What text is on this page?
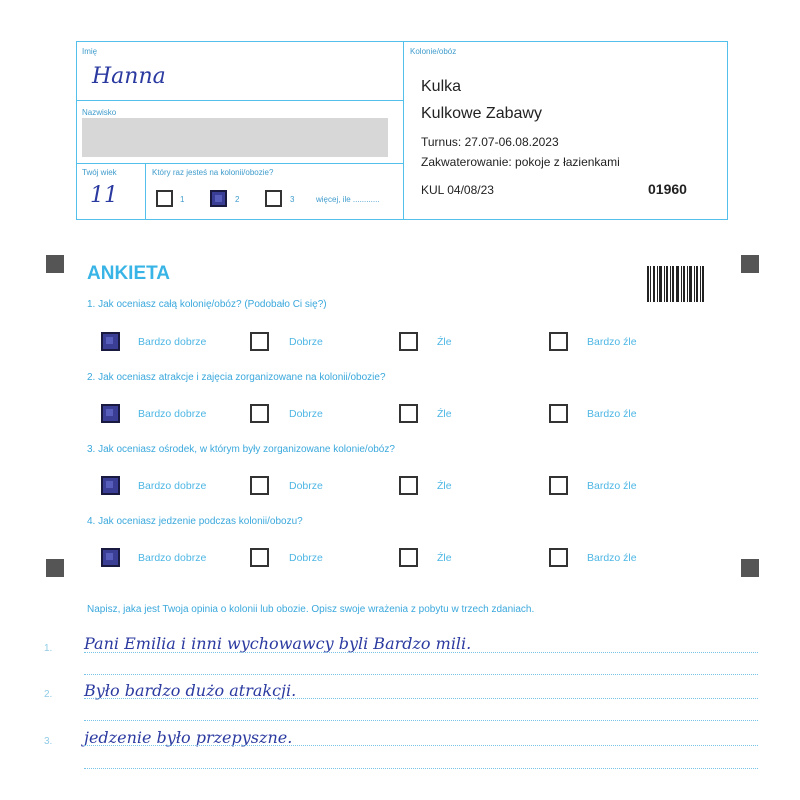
Imię
Hanna
Nazwisko
Twój wiek
11
Który raz jesteś na kolonii/obozie?
1	2	3	więcej, ile ............
Kolonie/obóz
Kulka
Kulkowe Zabawy
Turnus: 27.07-06.08.2023
Zakwaterowanie: pokoje z łazienkami
KUL 04/08/23	01960
ANKIETA
1. Jak oceniasz całą kolonię/obóz? (Podobało Ci się?)
Bardzo dobrze	Dobrze	Źle	Bardzo źle
2. Jak oceniasz atrakcje i zajęcia zorganizowane na kolonii/obozie?
Bardzo dobrze	Dobrze	Źle	Bardzo źle
3. Jak oceniasz ośrodek, w którym były zorganizowane kolonie/obóz?
Bardzo dobrze	Dobrze	Źle	Bardzo źle
4. Jak oceniasz jedzenie podczas kolonii/obozu?
Bardzo dobrze	Dobrze	Źle	Bardzo źle
Napisz, jaka jest Twoja opinia o kolonii lub obozie. Opisz swoje wrażenia z pobytu w trzech zdaniach.
1. Pani Emilia i inni wychowawcy byli Bardzo mili.
2. Było bardzo dużo atrakcji.
3. jedzenie było przepyszne.
